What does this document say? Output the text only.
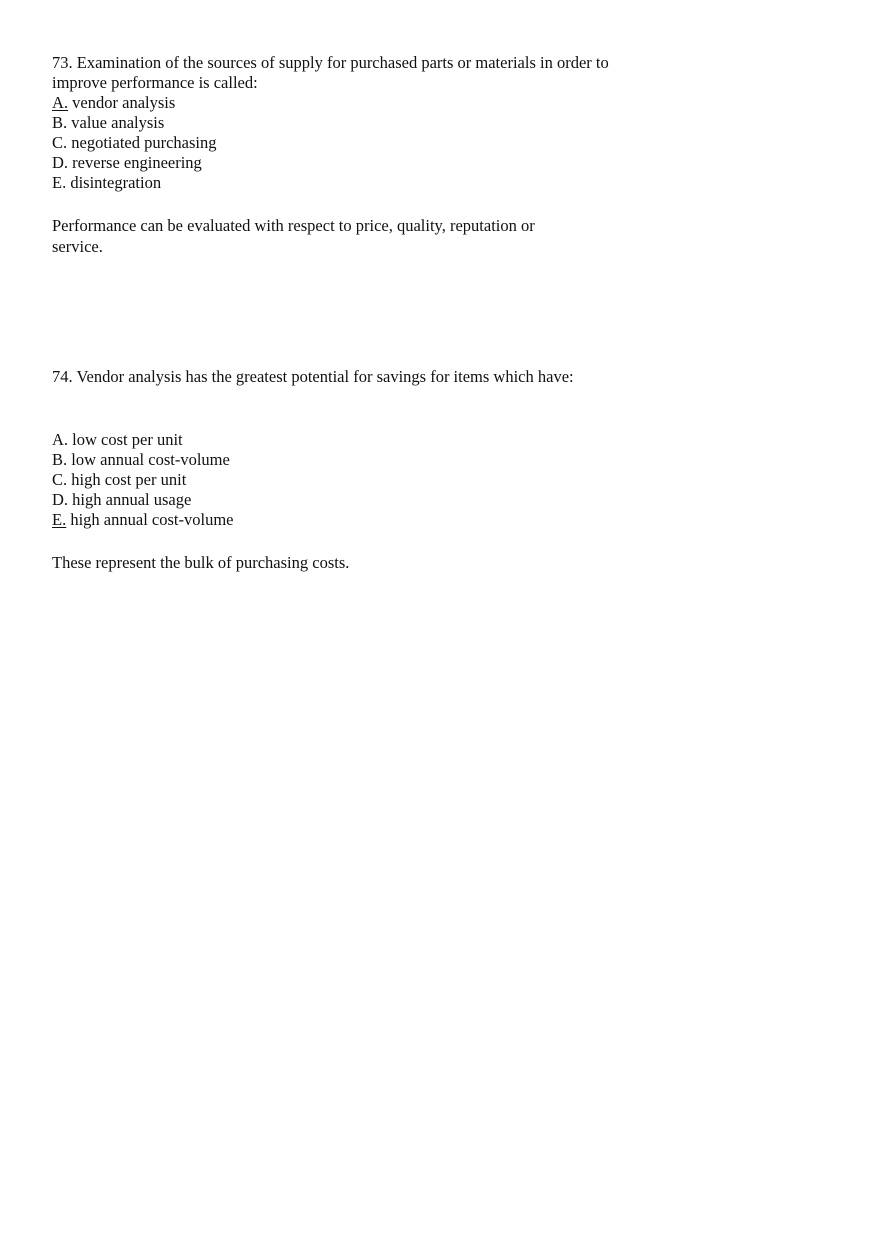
73. Examination of the sources of supply for purchased parts or materials in order to improve performance is called:

A. vendor analysis
B. value analysis
C. negotiated purchasing
D. reverse engineering
E. disintegration

Performance can be evaluated with respect to price, quality, reputation or service.

74. Vendor analysis has the greatest potential for savings for items which have:

A. low cost per unit
B. low annual cost-volume
C. high cost per unit
D. high annual usage
E. high annual cost-volume

These represent the bulk of purchasing costs.
